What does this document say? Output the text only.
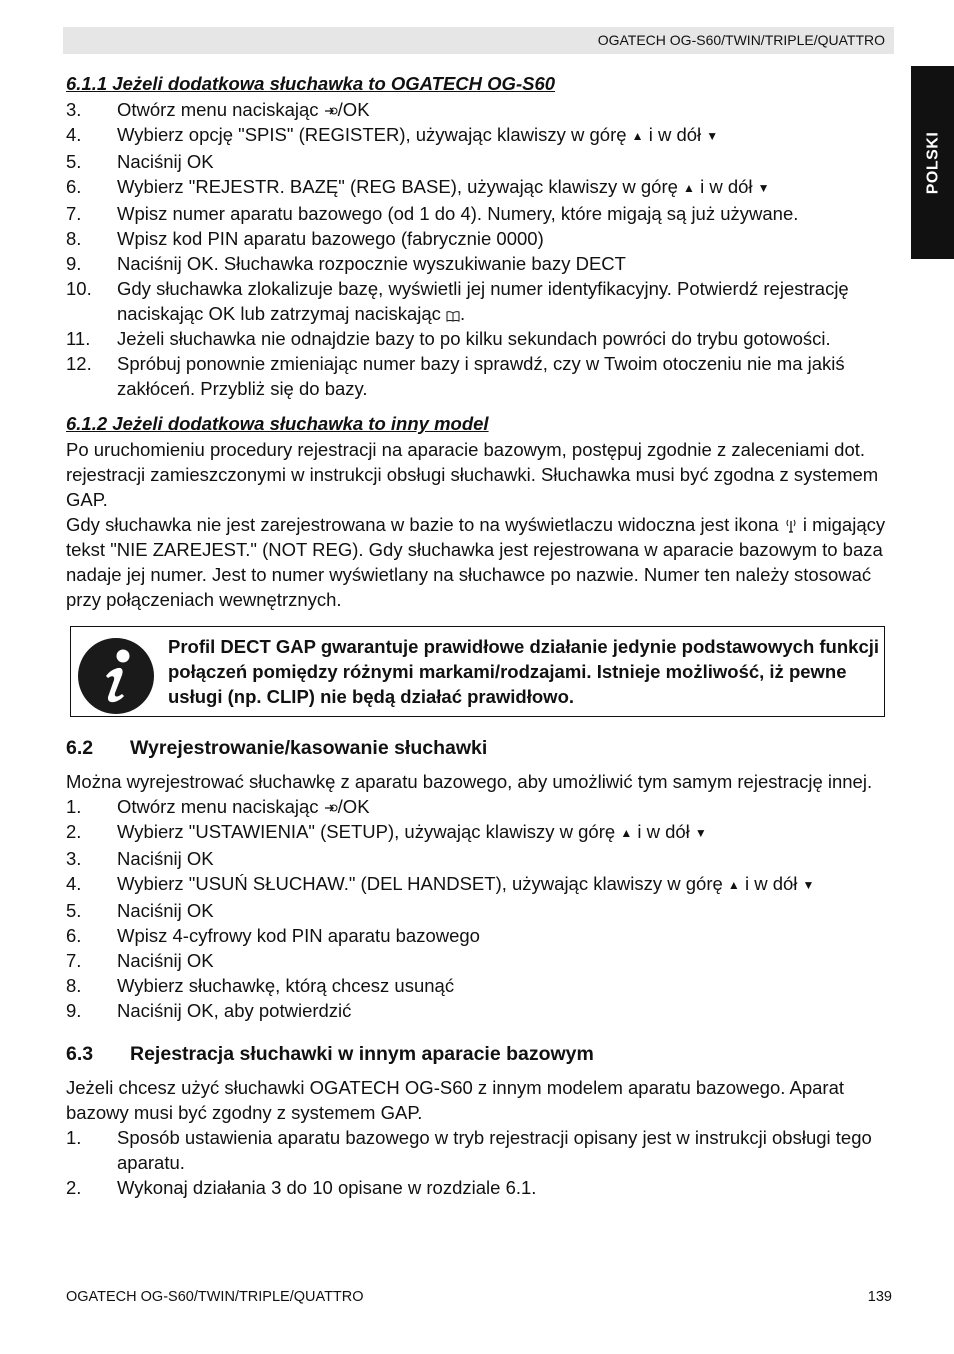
OGATECH OG-S60/TWIN/TRIPLE/QUATTRO
POLSKI

6.1.1 Jeżeli dodatkowa słuchawka to OGATECH OG-S60

3. Otwórz menu naciskając /OK
4. Wybierz opcję "SPIS" (REGISTER), używając klawiszy w górę ▲ i w dół ▼
5. Naciśnij OK
6. Wybierz "REJESTR. BAZĘ" (REG BASE), używając klawiszy w górę ▲ i w dół ▼
7. Wpisz numer aparatu bazowego (od 1 do 4). Numery, które migają są już używane.
8. Wpisz kod PIN aparatu bazowego (fabrycznie 0000)
9. Naciśnij OK. Słuchawka rozpocznie wyszukiwanie bazy DECT
10. Gdy słuchawka zlokalizuje bazę, wyświetli jej numer identyfikacyjny. Potwierdź rejestrację naciskając OK lub zatrzymaj naciskając .
11. Jeżeli słuchawka nie odnajdzie bazy to po kilku sekundach powróci do trybu gotowości.
12. Spróbuj ponownie zmieniając numer bazy i sprawdź, czy w Twoim otoczeniu nie ma jakiś zakłóceń. Przybliż się do bazy.

6.1.2 Jeżeli dodatkowa słuchawka to inny model

Po uruchomieniu procedury rejestracji na aparacie bazowym, postępuj zgodnie z zaleceniami dot. rejestracji zamieszczonymi w instrukcji obsługi słuchawki. Słuchawka musi być zgodna z systemem GAP.

Gdy słuchawka nie jest zarejestrowana w bazie to na wyświetlaczu widoczna jest ikona  i migający tekst "NIE ZAREJEST." (NOT REG). Gdy słuchawka jest rejestrowana w aparacie bazowym to baza nadaje jej numer. Jest to numer wyświetlany na słuchawce po nazwie. Numer ten należy stosować przy połączeniach wewnętrznych.

Profil DECT GAP gwarantuje prawidłowe działanie jedynie podstawowych funkcji połączeń pomiędzy różnymi markami/rodzajami. Istnieje możliwość, iż pewne usługi (np. CLIP) nie będą działać prawidłowo.

6.2 Wyrejestrowanie/kasowanie słuchawki

Można wyrejestrować słuchawkę z aparatu bazowego, aby umożliwić tym samym rejestrację innej.

1. Otwórz menu naciskając /OK
2. Wybierz "USTAWIENIA" (SETUP), używając klawiszy w górę ▲ i w dół ▼
3. Naciśnij OK
4. Wybierz "USUŃ SŁUCHAW." (DEL HANDSET), używając klawiszy w górę ▲ i w dół ▼
5. Naciśnij OK
6. Wpisz 4-cyfrowy kod PIN aparatu bazowego
7. Naciśnij OK
8. Wybierz słuchawkę, którą chcesz usunąć
9. Naciśnij OK, aby potwierdzić

6.3 Rejestracja słuchawki w innym aparacie bazowym

Jeżeli chcesz użyć słuchawki OGATECH OG-S60 z innym modelem aparatu bazowego. Aparat bazowy musi być zgodny z systemem GAP.

1. Sposób ustawienia aparatu bazowego w tryb rejestracji opisany jest w instrukcji obsługi tego aparatu.
2. Wykonaj działania 3 do 10 opisane w rozdziale 6.1.
OGATECH OG-S60/TWIN/TRIPLE/QUATTRO	139
